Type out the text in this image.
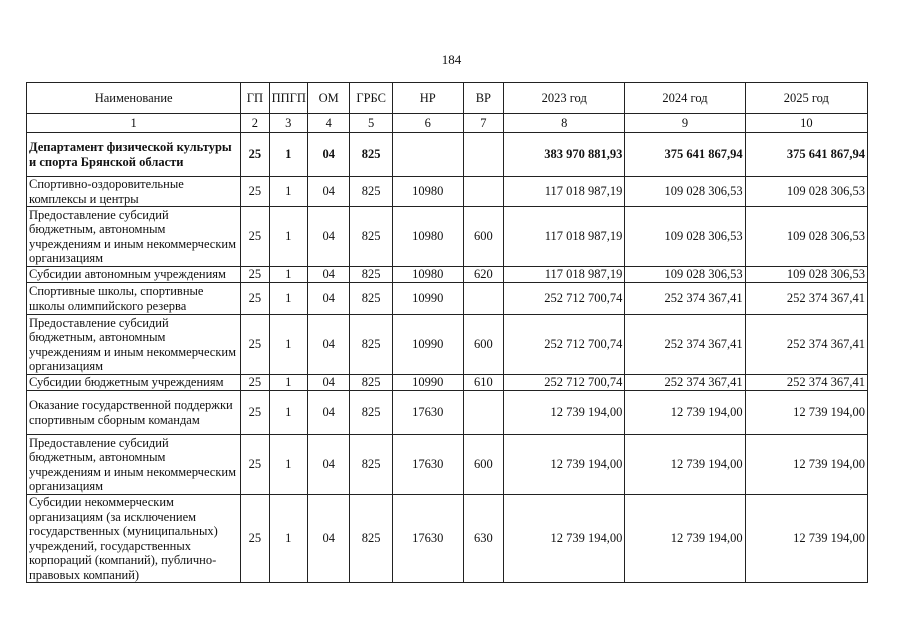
184
Наименование	ГП	ППГП	ОМ	ГРБС	НР	ВР	2023 год	2024 год	2025 год
1	2	3	4	5	6	7	8	9	10
Департамент физической культуры и спорта Брянской области	25	1	04	825			383 970 881,93	375 641 867,94	375 641 867,94
Спортивно-оздоровительные комплексы и центры	25	1	04	825	10980		117 018 987,19	109 028 306,53	109 028 306,53
Предоставление субсидий бюджетным, автономным учреждениям и иным некоммерческим организациям	25	1	04	825	10980	600	117 018 987,19	109 028 306,53	109 028 306,53
Субсидии автономным учреждениям	25	1	04	825	10980	620	117 018 987,19	109 028 306,53	109 028 306,53
Спортивные школы, спортивные школы олимпийского резерва	25	1	04	825	10990		252 712 700,74	252 374 367,41	252 374 367,41
Предоставление субсидий бюджетным, автономным учреждениям и иным некоммерческим организациям	25	1	04	825	10990	600	252 712 700,74	252 374 367,41	252 374 367,41
Субсидии бюджетным учреждениям	25	1	04	825	10990	610	252 712 700,74	252 374 367,41	252 374 367,41
Оказание государственной поддержки спортивным сборным командам	25	1	04	825	17630		12 739 194,00	12 739 194,00	12 739 194,00
Предоставление субсидий бюджетным, автономным учреждениям и иным некоммерческим организациям	25	1	04	825	17630	600	12 739 194,00	12 739 194,00	12 739 194,00
Субсидии некоммерческим организациям (за исключением государственных (муниципальных) учреждений, государственных корпораций (компаний), публично-правовых компаний)	25	1	04	825	17630	630	12 739 194,00	12 739 194,00	12 739 194,00
